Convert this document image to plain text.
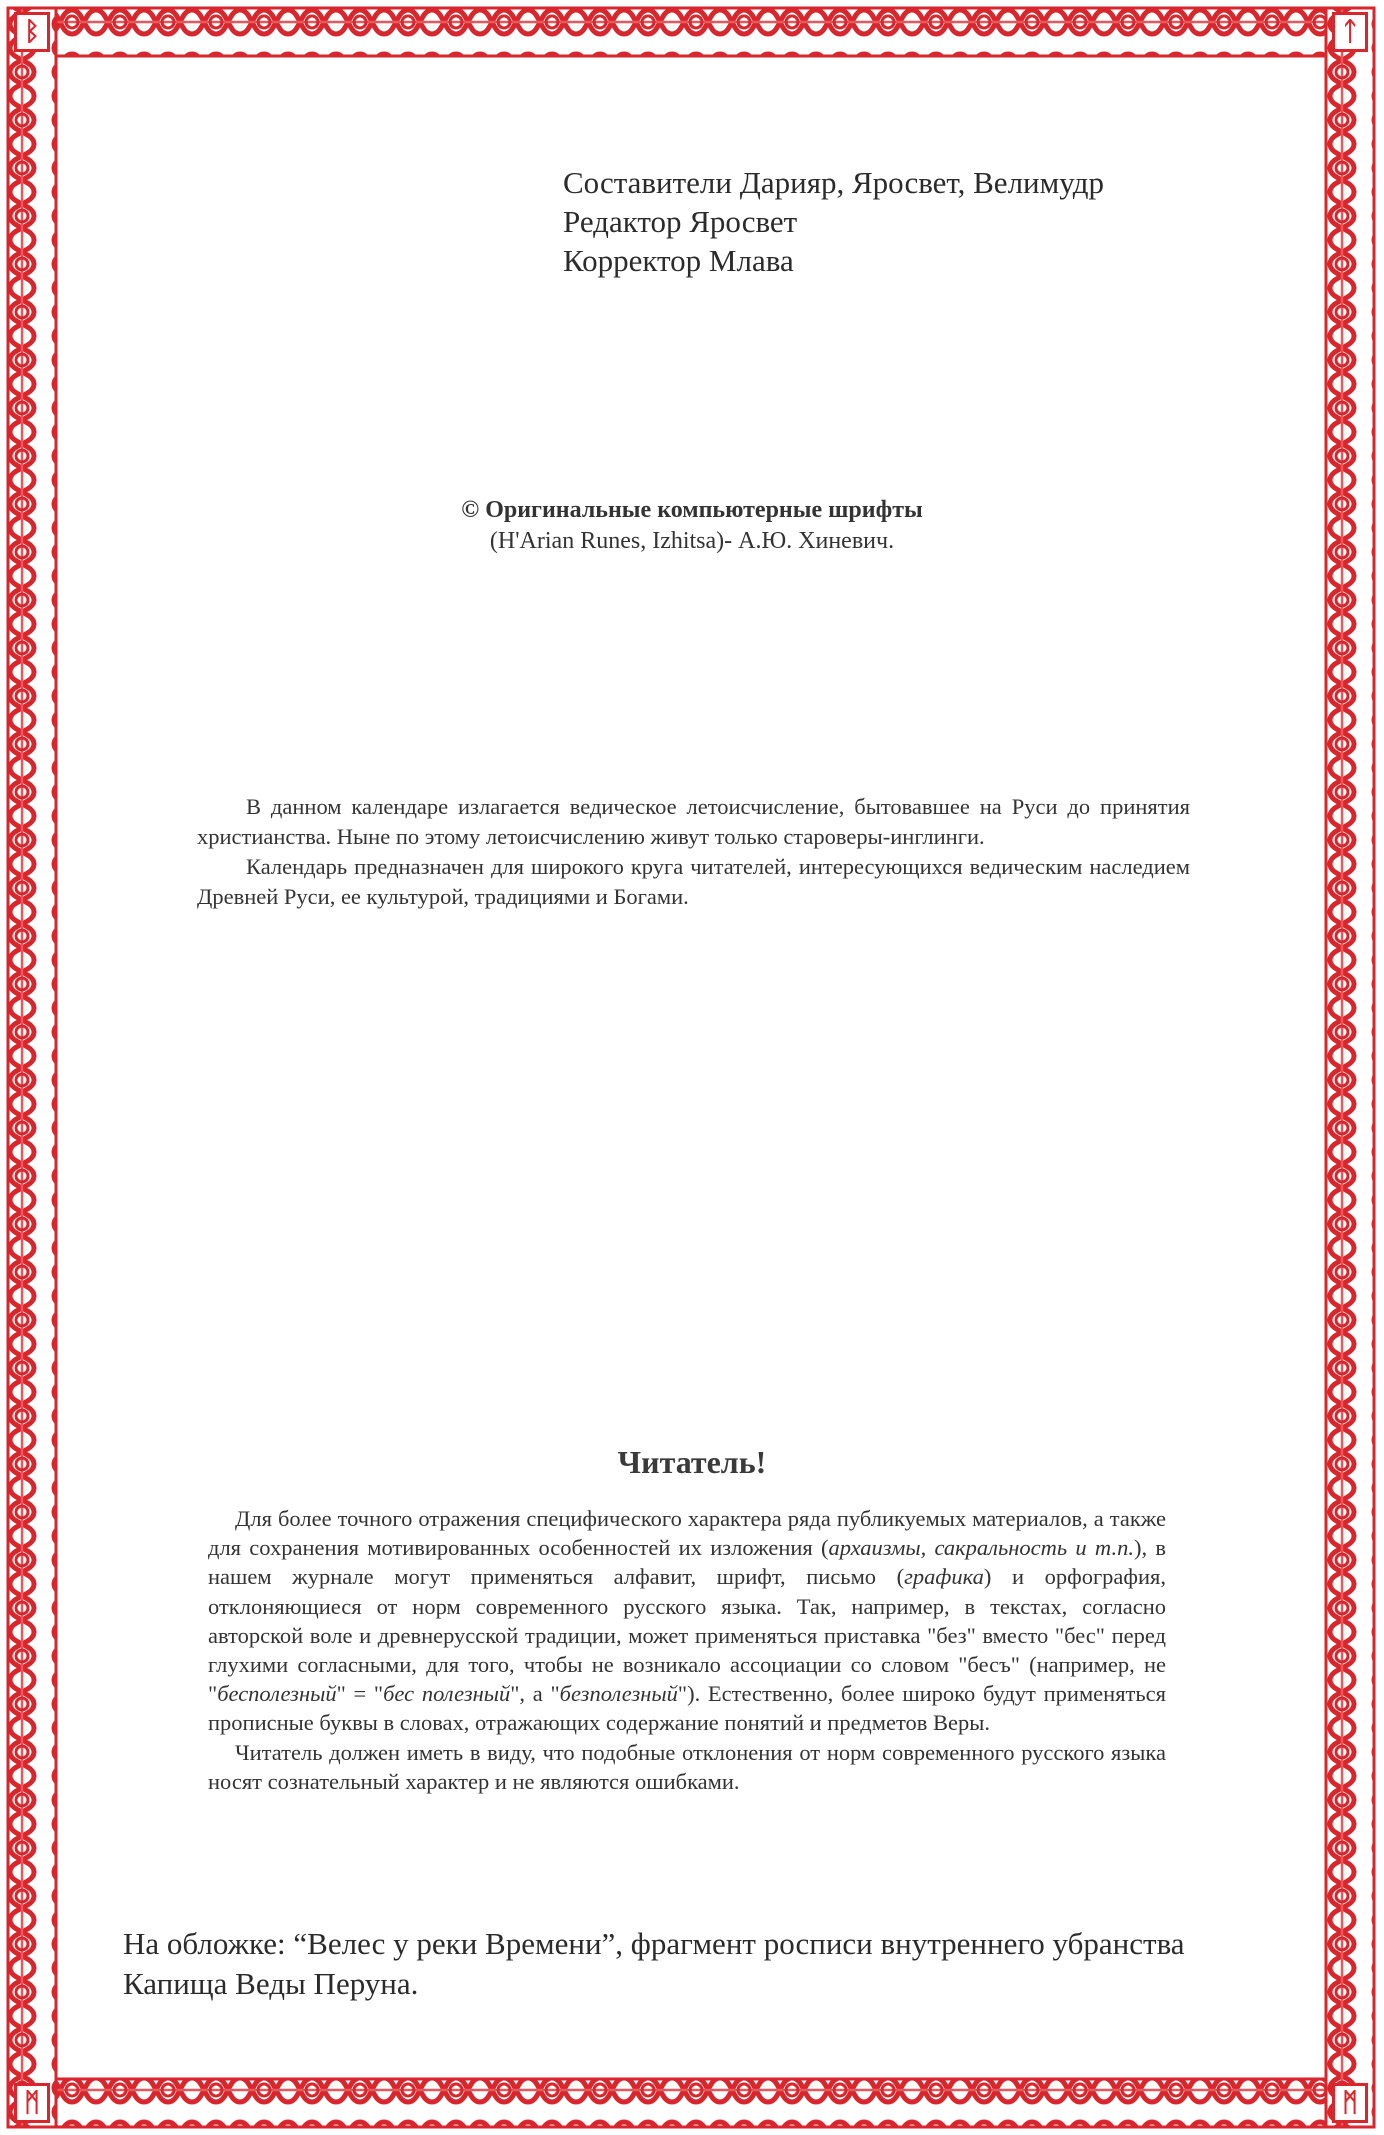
ᛒ	ᛏ
ᛗ	ᛗ
Составители Дарияр, Яросвет, Велимудр
Редактор Яросвет
Корректор Млава
© Оригинальные компьютерные шрифты
(H'Arian Runes, Izhitsa)- А.Ю. Хиневич.

В данном календаре излагается ведическое летоисчисление, бытовавшее на Руси до принятия христианства. Ныне по этому летоисчислению живут только староверы-инглинги.

Календарь предназначен для широкого круга читателей, интересующихся ведическим наследием Древней Руси, ее культурой, традициями и Богами.

Читатель!

Для более точного отражения специфического характера ряда публикуемых материалов, а также для сохранения мотивированных особенностей их изложения (архаизмы, сакральность и т.п.), в нашем журнале могут применяться алфавит, шрифт, письмо (графика) и орфография, отклоняющиеся от норм современного русского языка. Так, например, в текстах, согласно авторской воле и древнерусской традиции, может применяться приставка "без" вместо "бес" перед глухими согласными, для того, чтобы не возникало ассоциации со словом "бесъ" (например, не "бесполезный" = "бес полезный", а "безполезный"). Естественно, более широко будут применяться прописные буквы в словах, отражающих содержание понятий и предметов Веры.

Читатель должен иметь в виду, что подобные отклонения от норм современного русского языка носят сознательный характер и не являются ошибками.

На обложке: “Велес у реки Времени”, фрагмент росписи внутреннего убранства Капища Веды Перуна.
